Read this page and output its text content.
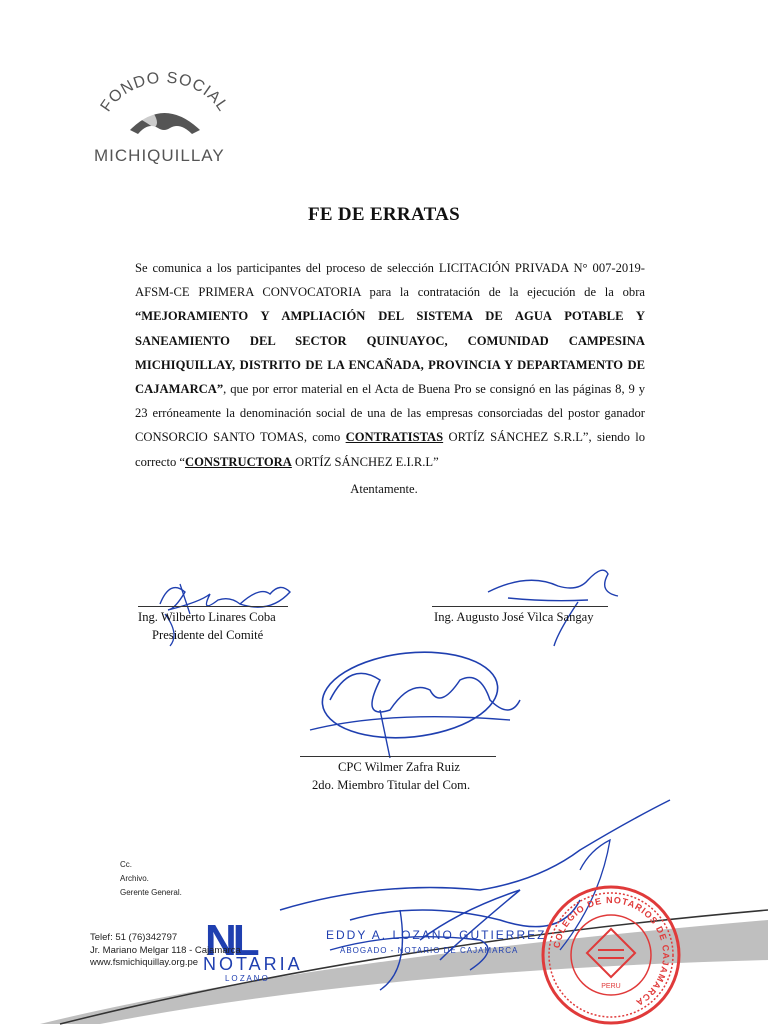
FONDO SOCIAL
MICHIQUILLAY
FE DE ERRATAS
Se comunica a los participantes del proceso de selección LICITACIÓN PRIVADA N° 007-2019-AFSM-CE PRIMERA CONVOCATORIA para la contratación de la ejecución de la obra “MEJORAMIENTO Y AMPLIACIÓN DEL SISTEMA DE AGUA POTABLE Y SANEAMIENTO DEL SECTOR QUINUAYOC, COMUNIDAD CAMPESINA MICHIQUILLAY, DISTRITO DE LA ENCAÑADA, PROVINCIA Y DEPARTAMENTO DE CAJAMARCA”, que por error material en el Acta de Buena Pro se consignó en las páginas 8, 9 y 23 erróneamente la denominación social de una de las empresas consorciadas del postor ganador CONSORCIO SANTO TOMAS, como CONTRATISTAS ORTÍZ SÁNCHEZ S.R.L”, siendo lo correcto “CONSTRUCTORA ORTÍZ SÁNCHEZ E.I.R.L”
Atentamente.
Ing. Wilberto Linares Coba
Presidente del Comité
Ing. Augusto José Vilca Sangay
CPC Wilmer Zafra Ruiz
2do. Miembro Titular del Com.
Cc.
Archivo.
Gerente General.
NL
NOTARIA
L O Z A N O
EDDY A. LOZANO GUTIERREZ
ABOGADO - NOTARIO DE CAJAMARCA
COLEGIO DE NOTARIOS DE CAJAMARCA
PERU
Telef: 51 (76)342797
Jr. Mariano Melgar 118 - Cajamarca
www.fsmichiquillay.org.pe
